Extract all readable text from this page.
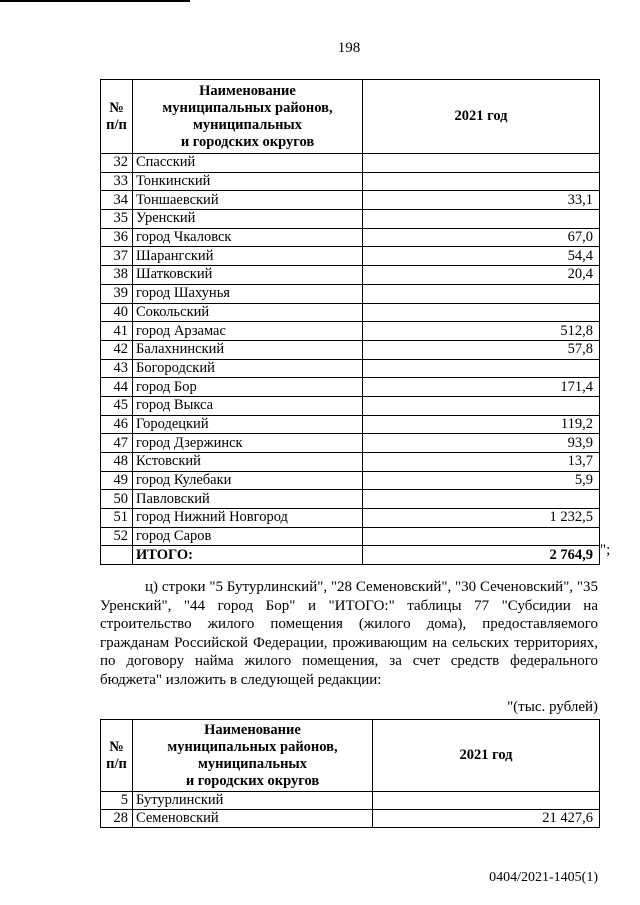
198
№
п/п	Наименование
муниципальных районов,
муниципальных
и городских округов	2021 год
32	Спасский	
33	Тонкинский	
34	Тоншаевский	33,1
35	Уренский	
36	город Чкаловск	67,0
37	Шарангский	54,4
38	Шатковский	20,4
39	город Шахунья	
40	Сокольский	
41	город Арзамас	512,8
42	Балахнинский	57,8
43	Богородский	
44	город Бор	171,4
45	город Выкса	
46	Городецкий	119,2
47	город Дзержинск	93,9
48	Кстовский	13,7
49	город Кулебаки	5,9
50	Павловский	
51	город Нижний Новгород	1 232,5
52	город Саров	
	ИТОГО:	2 764,9 ";
ц) строки "5 Бутурлинский", "28 Семеновский", "30 Сеченовский", "35 Уренский", "44 город Бор" и "ИТОГО:" таблицы 77 "Субсидии на строительство жилого помещения (жилого дома), предоставляемого гражданам Российской Федерации, проживающим на сельских территориях, по договору найма жилого помещения, за счет средств федерального бюджета" изложить в следующей редакции:
"(тыс. рублей)
№
п/п	Наименование
муниципальных районов,
муниципальных
и городских округов	2021 год
5	Бутурлинский	
28	Семеновский	21 427,6
0404/2021-1405(1)
